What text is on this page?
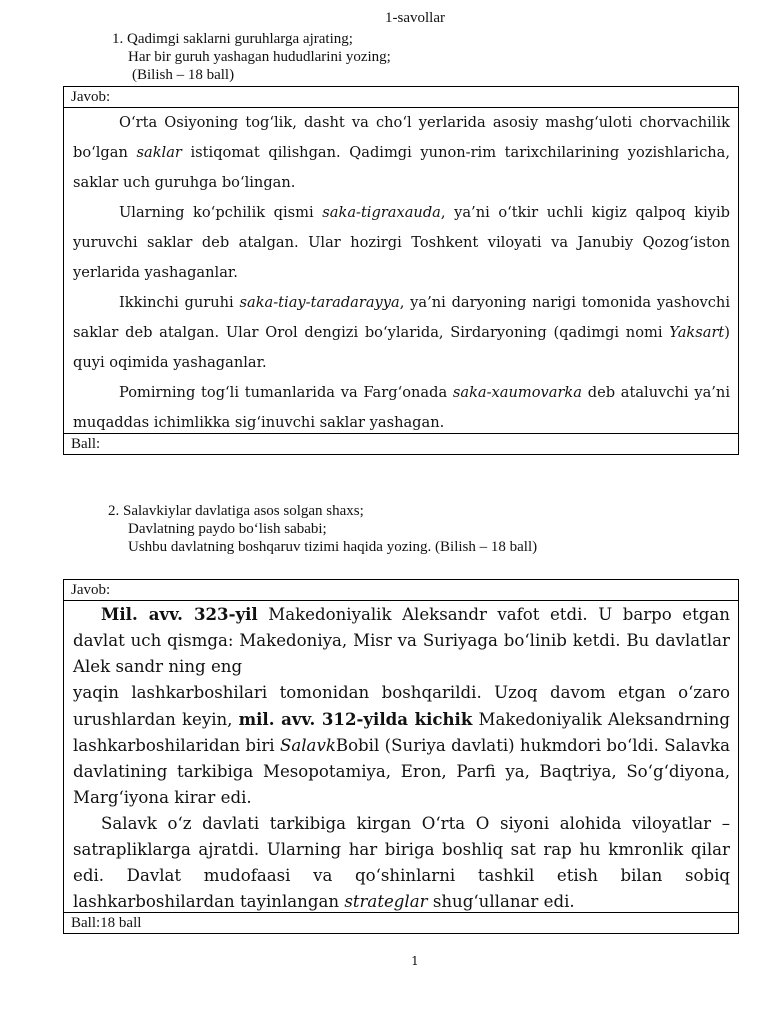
1-savollar
1. Qadimgi saklarni guruhlarga ajrating;
Har bir guruh yashagan hududlarini yozing;
(Bilish – 18 ball)
Javob:

O‘rta Osiyoning tog‘lik, dasht va cho‘l yerlarida asosiy mashg‘uloti chorvachilik bo‘lgan saklar istiqomat qilishgan. Qadimgi yunon-rim tarixchilarining yozishlaricha, saklar uch guruhga bo‘lingan.

Ularning ko‘pchilik qismi saka-tigraxauda, ya’ni o‘tkir uchli kigiz qalpoq kiyib yuruvchi saklar deb atalgan. Ular hozirgi Toshkent viloyati va Janubiy Qozog‘iston yerlarida yashaganlar.

Ikkinchi guruhi saka-tiay-taradarayya, ya’ni daryoning narigi tomonida yashovchi saklar deb atalgan. Ular Orol dengizi bo‘ylarida, Sirdaryoning (qadimgi nomi Yaksart) quyi oqimida yashaganlar.

Pomirning tog‘li tumanlarida va Farg‘onada saka-xaumovarka deb ataluvchi ya’ni muqaddas ichimlikka sig‘inuvchi saklar yashagan.

Ball:
2. Salavkiylar davlatiga asos solgan shaxs;
Davlatning paydo bo‘lish sababi;
Ushbu davlatning boshqaruv tizimi haqida yozing. (Bilish – 18 ball)
Javob:

Mil. avv. 323-yil Makedoniyalik Aleksandr vafot etdi. U barpo etgan davlat uch qismga: Makedoniya, Misr va Suriyaga bo‘linib ketdi. Bu davlatlar Alek sandr ning eng

yaqin lashkarboshilari tomonidan boshqarildi. Uzoq davom etgan o‘zaro urushlardan keyin, mil. avv. 312-yilda kichik Makedoniyalik Aleksandrning lashkarboshilaridan biri SalavkBobil (Suriya davlati) hukmdori bo‘ldi. Salavka davlatining tarkibiga Mesopotamiya, Eron, Parfi ya, Baqtriya, So‘g‘diyona, Marg‘iyona kirar edi.

Salavk o‘z davlati tarkibiga kirgan O‘rta O siyoni alohida viloyatlar – satrapliklarga ajratdi. Ularning har biriga boshliq sat rap hu kmronlik qilar edi. Davlat mudofaasi va qo‘shinlarni tashkil etish bilan sobiq lashkarboshilardan tayinlangan strateglar shug‘ullanar edi.

Ball:18 ball
1
